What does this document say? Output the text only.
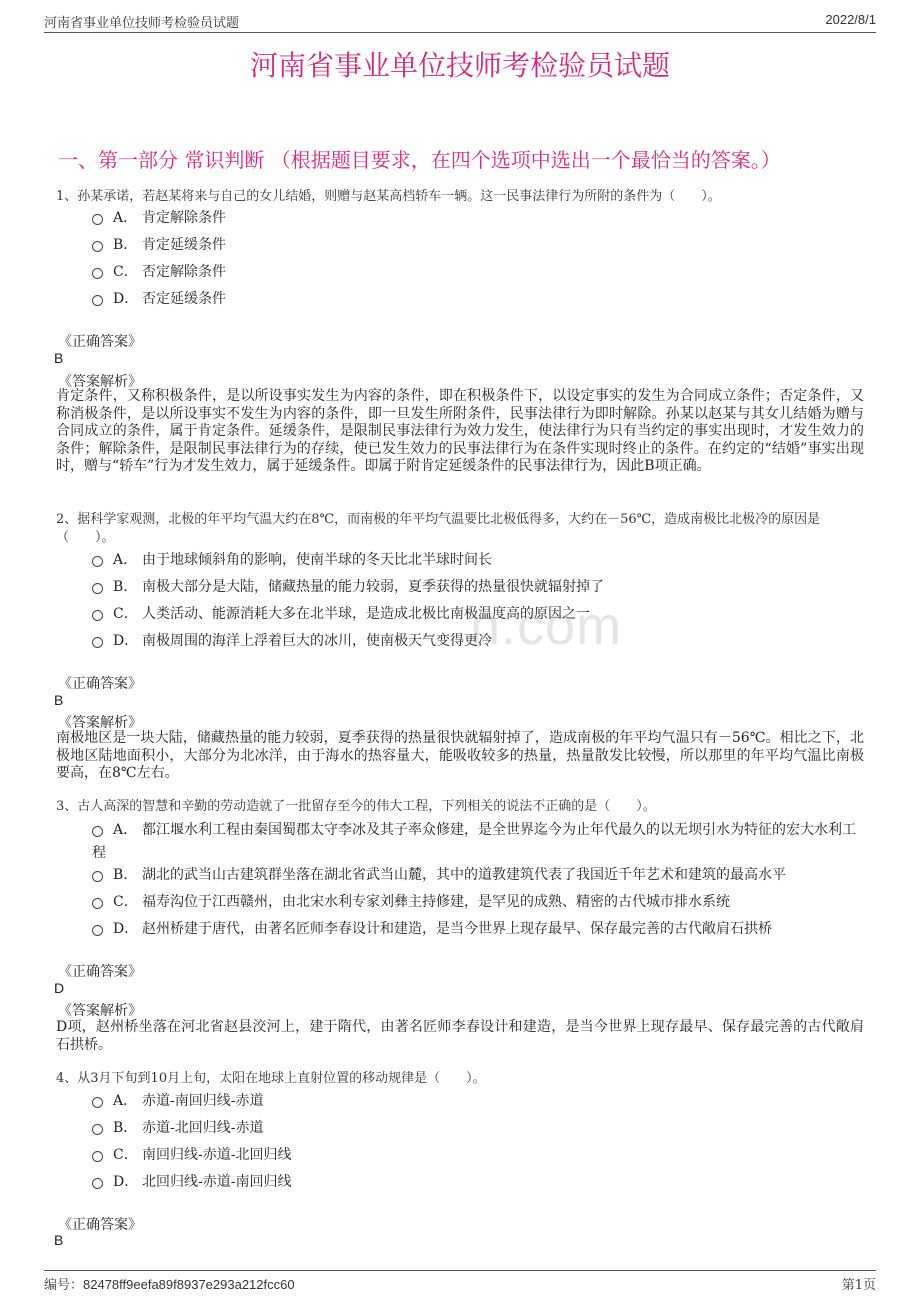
河南省事业单位技师考检验员试题	2022/8/1
河南省事业单位技师考检验员试题
一、第一部分 常识判断 （根据题目要求，在四个选项中选出一个最恰当的答案。）
n.com
1、孙某承诺，若赵某将来与自己的女儿结婚，则赠与赵某高档轿车一辆。这一民事法律行为所附的条件为（　　）。
A． 肯定解除条件
B． 肯定延缓条件
C． 否定解除条件
D． 否定延缓条件
《正确答案》
B
《答案解析》
肯定条件，又称积极条件，是以所设事实发生为内容的条件，即在积极条件下，以设定事实的发生为合同成立条件；否定条件，又称消极条件，是以所设事实不发生为内容的条件，即一旦发生所附条件，民事法律行为即时解除。孙某以赵某与其女儿结婚为赠与合同成立的条件，属于肯定条件。延缓条件，是限制民事法律行为效力发生，使法律行为只有当约定的事实出现时，才发生效力的条件；解除条件，是限制民事法律行为的存续，使已发生效力的民事法律行为在条件实现时终止的条件。在约定的“结婚”事实出现时，赠与“轿车”行为才发生效力，属于延缓条件。即属于附肯定延缓条件的民事法律行为，因此B项正确。
2、据科学家观测，北极的年平均气温大约在8℃，而南极的年平均气温要比北极低得多，大约在－56℃，造成南极比北极冷的原因是（　　）。
A． 由于地球倾斜角的影响，使南半球的冬天比北半球时间长
B． 南极大部分是大陆，储藏热量的能力较弱，夏季获得的热量很快就辐射掉了
C． 人类活动、能源消耗大多在北半球，是造成北极比南极温度高的原因之一
D． 南极周围的海洋上浮着巨大的冰川，使南极天气变得更冷
《正确答案》
B
《答案解析》
南极地区是一块大陆，储藏热量的能力较弱，夏季获得的热量很快就辐射掉了，造成南极的年平均气温只有－56℃。相比之下，北极地区陆地面积小，大部分为北冰洋，由于海水的热容量大，能吸收较多的热量，热量散发比较慢，所以那里的年平均气温比南极要高，在8℃左右。
3、古人高深的智慧和辛勤的劳动造就了一批留存至今的伟大工程，下列相关的说法不正确的是（　　）。
A． 都江堰水利工程由秦国蜀郡太守李冰及其子率众修建，是全世界迄今为止年代最久的以无坝引水为特征的宏大水利工程
B． 湖北的武当山古建筑群坐落在湖北省武当山麓，其中的道教建筑代表了我国近千年艺术和建筑的最高水平
C． 福寿沟位于江西赣州，由北宋水利专家刘彝主持修建，是罕见的成熟、精密的古代城市排水系统
D． 赵州桥建于唐代，由著名匠师李春设计和建造，是当今世界上现存最早、保存最完善的古代敞肩石拱桥
《正确答案》
D
《答案解析》
D项，赵州桥坐落在河北省赵县洨河上，建于隋代，由著名匠师李春设计和建造，是当今世界上现存最早、保存最完善的古代敞肩石拱桥。
4、从3月下旬到10月上旬，太阳在地球上直射位置的移动规律是（　　）。
A． 赤道-南回归线-赤道
B． 赤道-北回归线-赤道
C． 南回归线-赤道-北回归线
D． 北回归线-赤道-南回归线
《正确答案》
B
编号：82478ff9eefa89f8937e293a212fcc60	第1页
